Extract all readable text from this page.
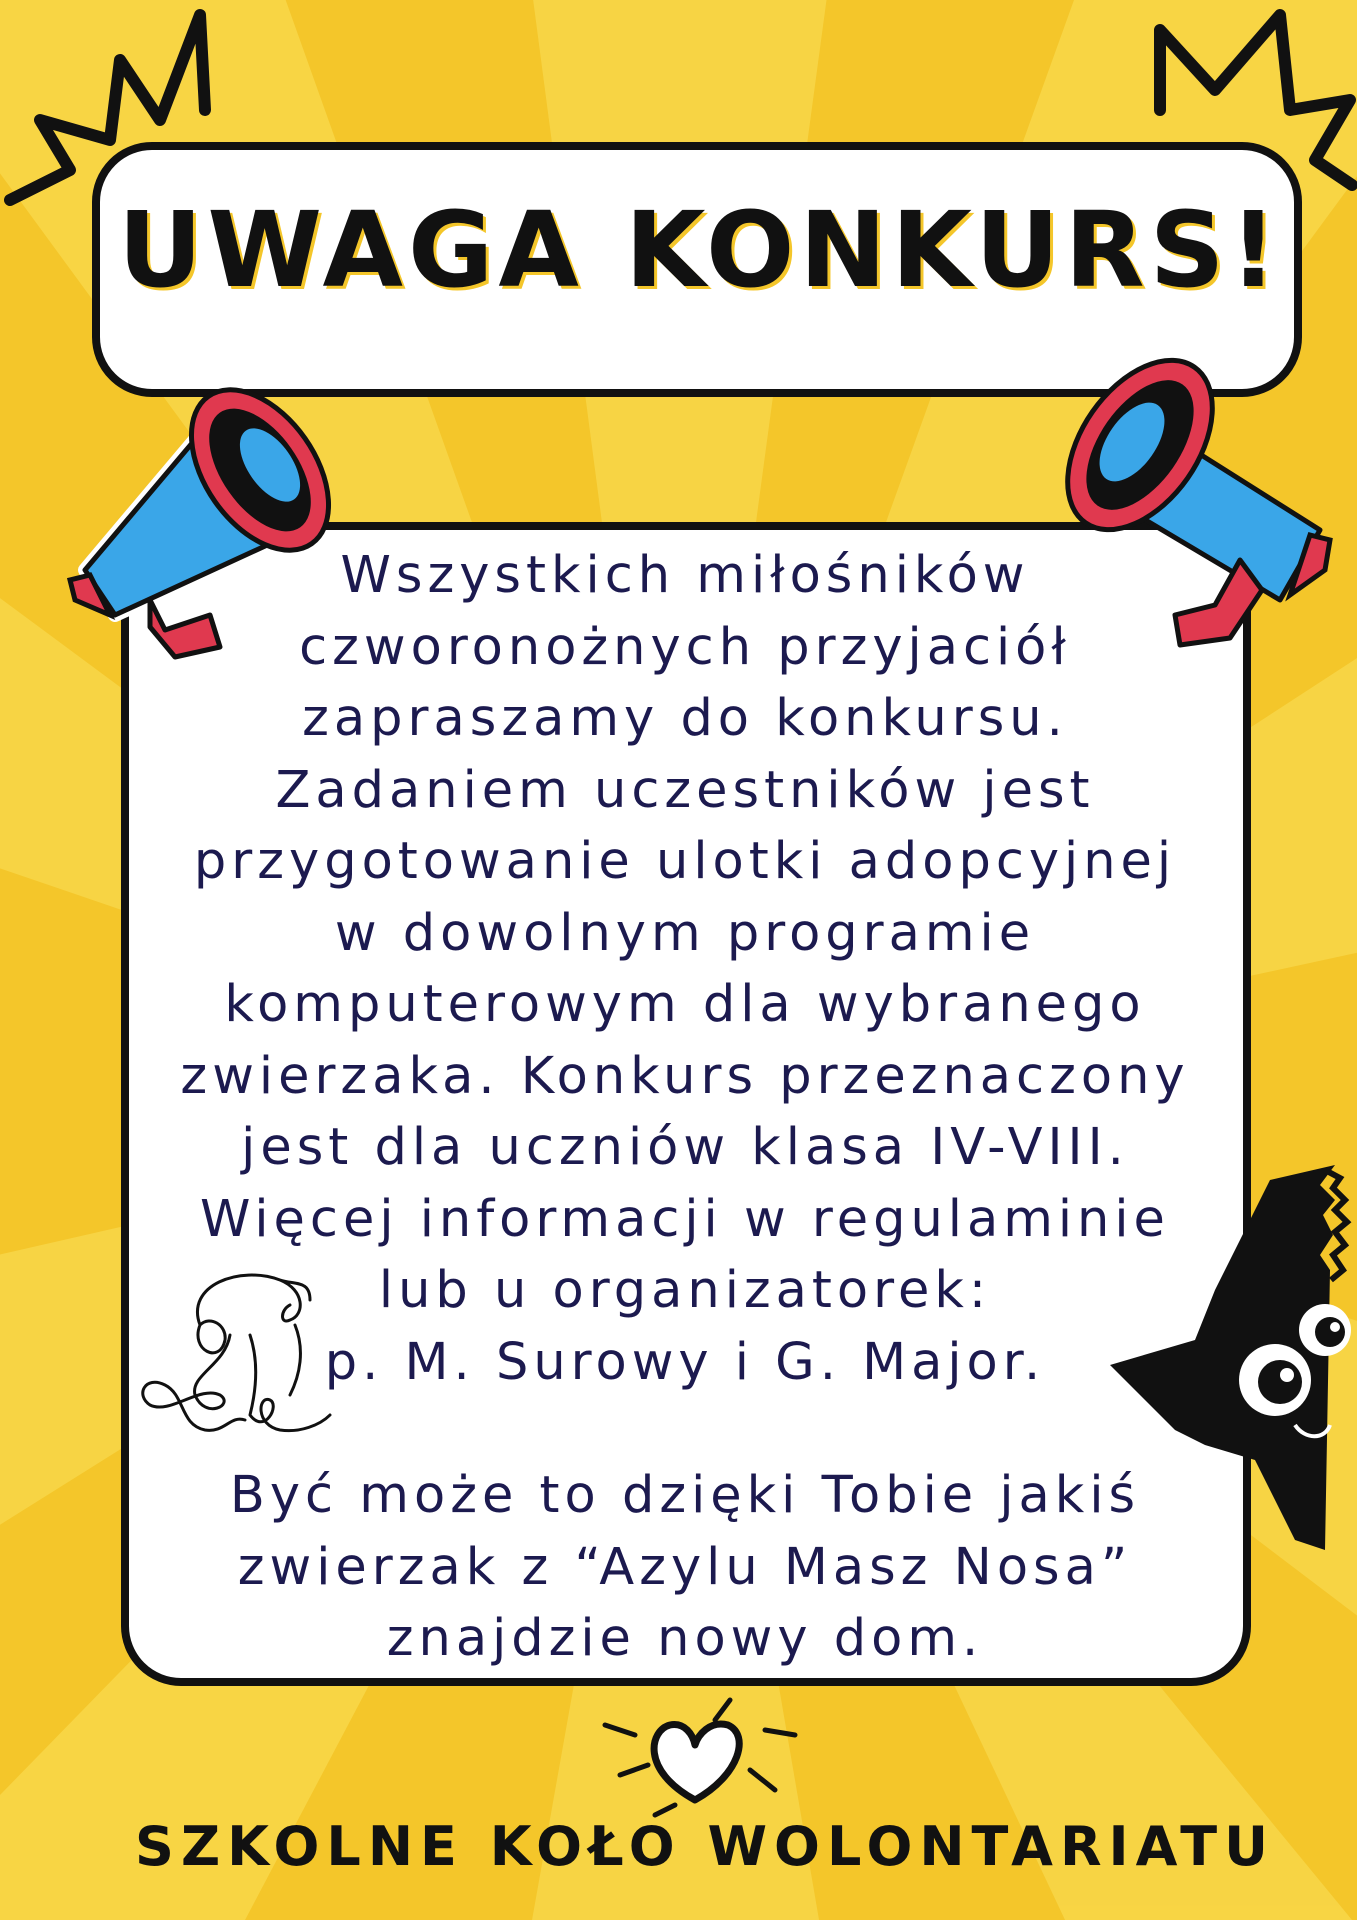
UWAGA KONKURS!
Wszystkich miłośników
czworonożnych przyjaciół
zapraszamy do konkursu.
Zadaniem uczestników jest
przygotowanie ulotki adopcyjnej
w dowolnym programie
komputerowym dla wybranego
zwierzaka. Konkurs przeznaczony
jest dla uczniów klasa IV-VIII.
Więcej informacji w regulaminie
lub u organizatorek:
p. M. Surowy i G. Major.
Być może to dzięki Tobie jakiś
zwierzak z “Azylu Masz Nosa”
znajdzie nowy dom.
SZKOLNE KOŁO WOLONTARIATU
